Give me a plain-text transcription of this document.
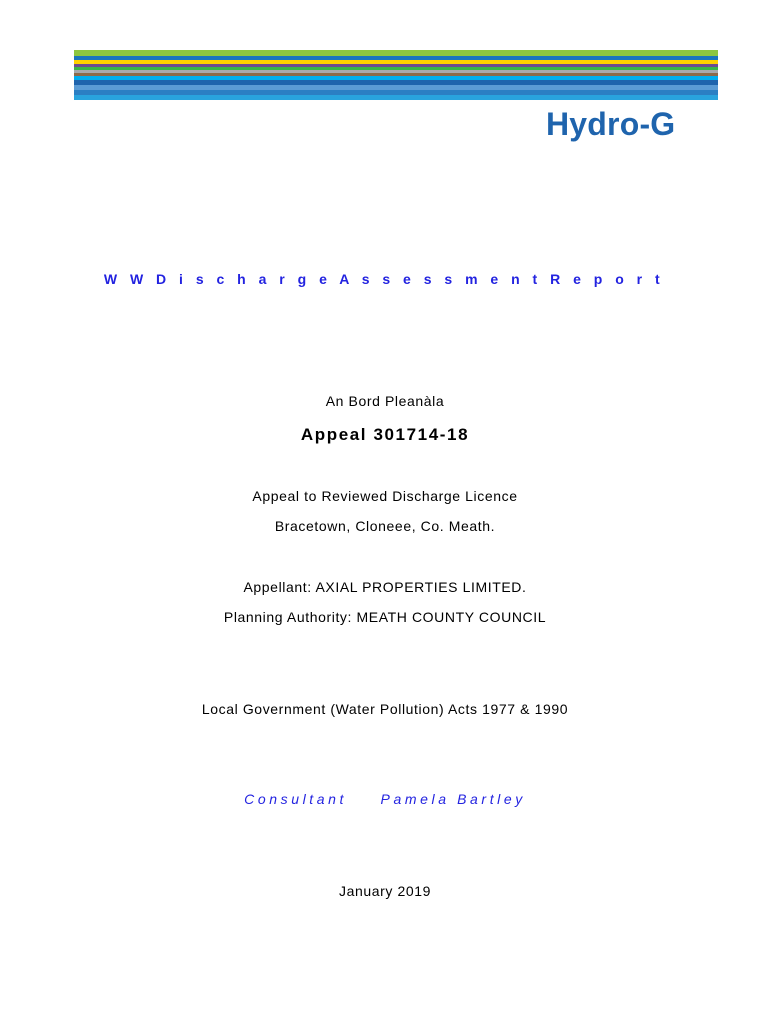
Hydro-G
W W D i s c h a r g e A s s e s s m e n t R e p o r t
An Bord Pleanàla
Appeal 301714-18
Appeal to Reviewed Discharge Licence
Bracetown, Cloneee, Co. Meath.
Appellant: AXIAL PROPERTIES LIMITED.
Planning Authority: MEATH COUNTY COUNCIL
Local Government (Water Pollution) Acts 1977 & 1990
Consultant Pamela Bartley
January 2019
